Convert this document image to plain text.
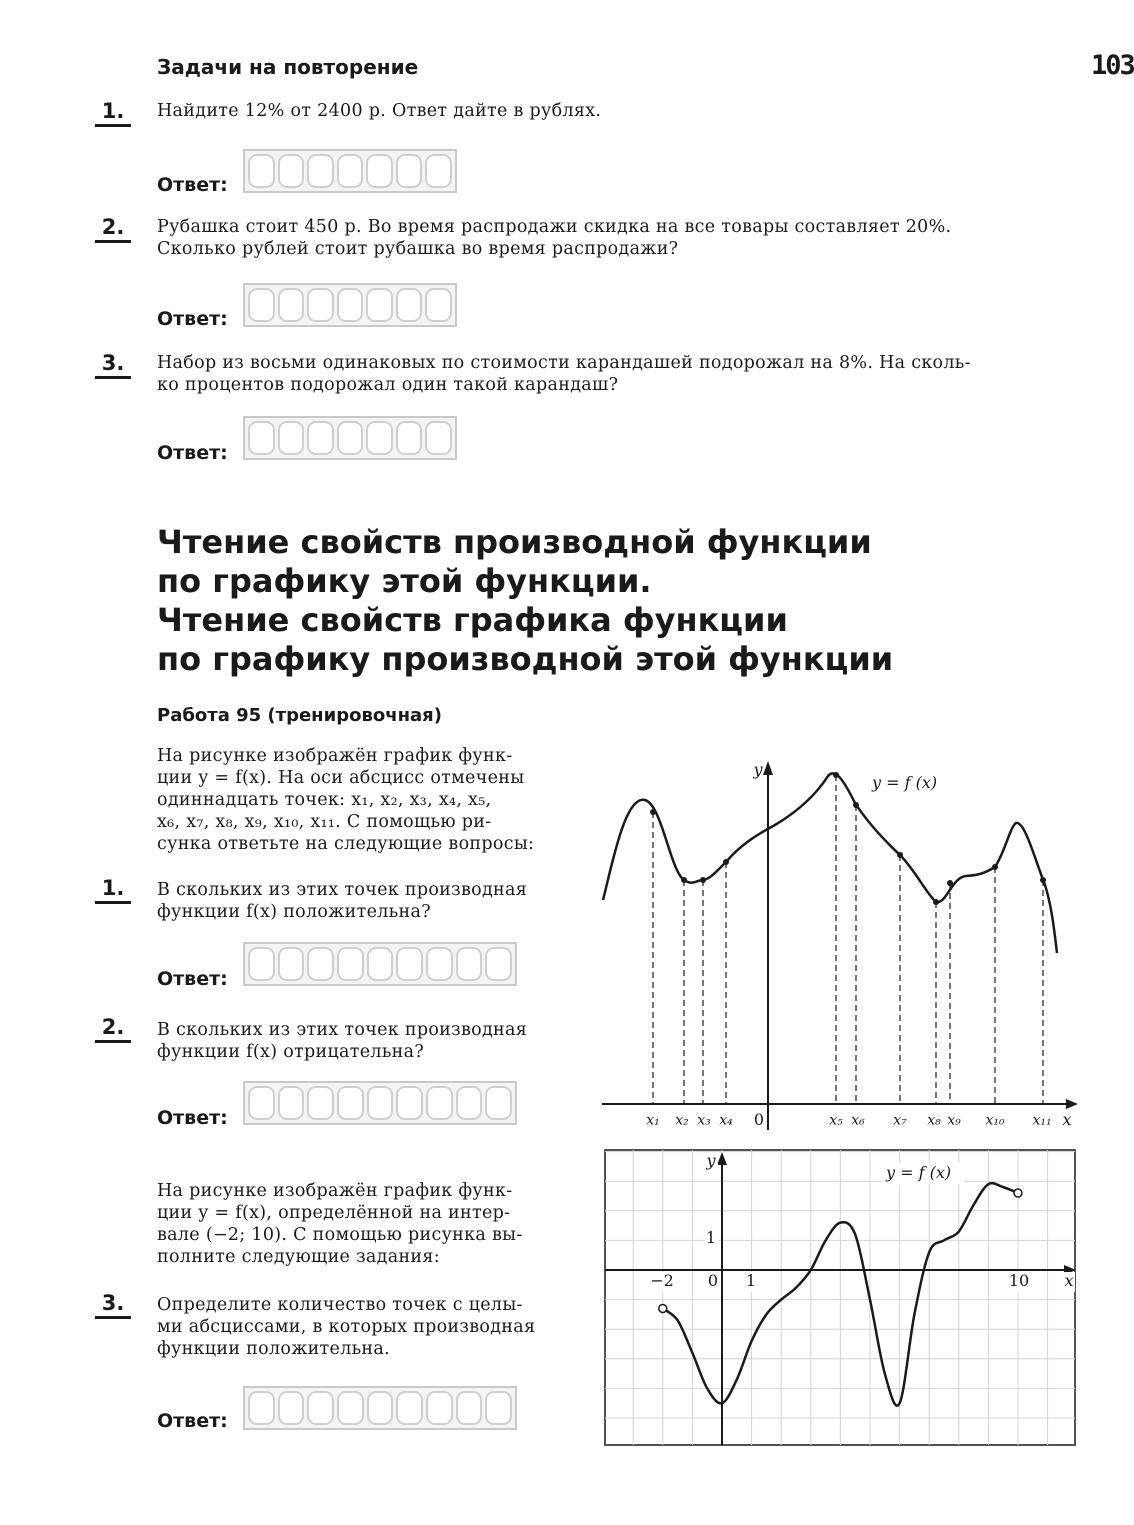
103
Задачи на повторение
1.	Найдите 12% от 2400 р. Ответ дайте в рублях.
Ответ:
2.	Рубашка стоит 450 р. Во время распродажи скидка на все товары составляет 20%.
Сколько рублей стоит рубашка во время распродажи?
Ответ:
3.	Набор из восьми одинаковых по стоимости карандашей подорожал на 8%. На сколь-
ко процентов подорожал один такой карандаш?
Ответ:
Чтение свойств производной функции
по графику этой функции.
Чтение свойств графика функции
по графику производной этой функции
Работа 95 (тренировочная)
На рисунке изображён график функ-
ции y = f(x). На оси абсцисс отмечены
одиннадцать точек: x₁, x₂, x₃, x₄, x₅,
x₆, x₇, x₈, x₉, x₁₀, x₁₁. С помощью ри-
сунка ответьте на следующие вопросы:
1.	В скольких из этих точек производная
функции f(x) положительна?
Ответ:
2.	В скольких из этих точек производная
функции f(x) отрицательна?
Ответ:
На рисунке изображён график функ-
ции y = f(x), определённой на интер-
вале (−2; 10). С помощью рисунка вы-
полните следующие задания:
3.	Определите количество точек с целы-
ми абсциссами, в которых производная
функции положительна.
Ответ:
x₁ x₂ x₃ x₄	x₅ x₆ x₇ x₈ x₉ x₁₀ x₁₁
0	x
y
y = f (x)
−2 0 1	10
1
x
y
y = f (x)
